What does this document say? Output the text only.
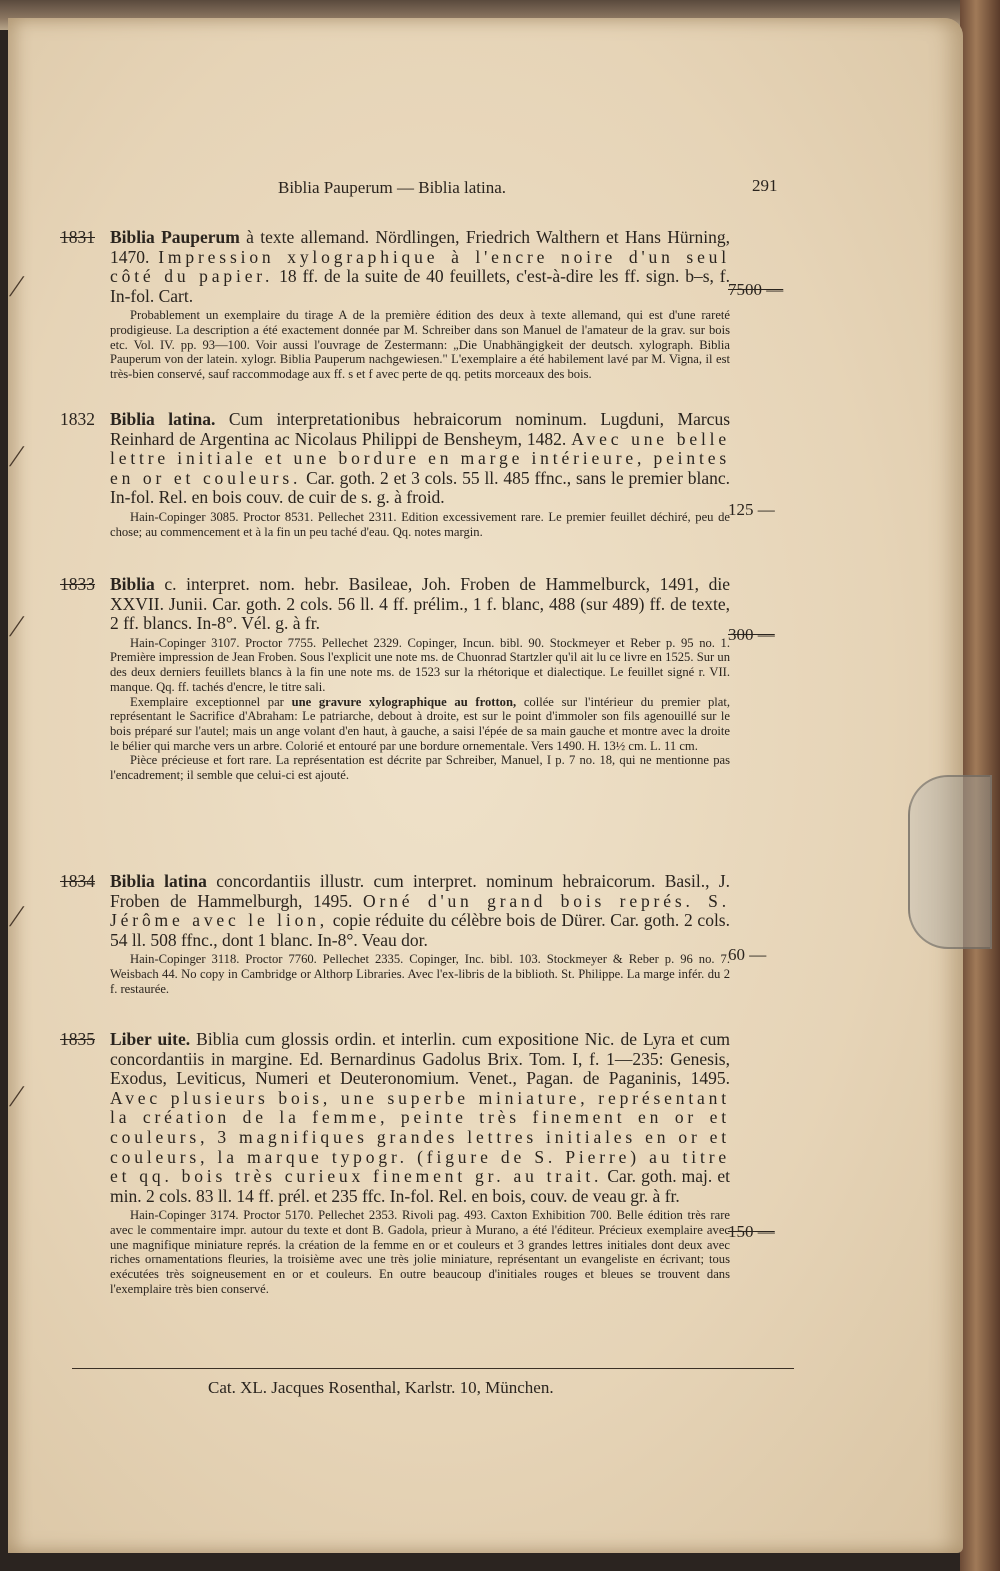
Biblia Pauperum — Biblia latina.	291
/
/
/
/
/
1831 Biblia Pauperum à texte allemand. Nördlingen, Friedrich Walthern et Hans Hürning, 1470. Impression xylographique à l'encre noire d'un seul côté du papier. 18 ff. de la suite de 40 feuillets, c'est-à-dire les ff. sign. b–s, f. In-fol. Cart.

Probablement un exemplaire du tirage A de la première édition des deux à texte allemand, qui est d'une rareté prodigieuse. La description a été exactement donnée par M. Schreiber dans son Manuel de l'amateur de la grav. sur bois etc. Vol. IV. pp. 93—100. Voir aussi l'ouvrage de Zestermann: „Die Unabhängigkeit der deutsch. xylograph. Biblia Pauperum von der latein. xylogr. Biblia Pauperum nachgewiesen." L'exemplaire a été habilement lavé par M. Vigna, il est très-bien conservé, sauf raccommodage aux ff. s et f avec perte de qq. petits morceaux des bois.

7500 —
1832 Biblia latina. Cum interpretationibus hebraicorum nominum. Lugduni, Marcus Reinhard de Argentina ac Nicolaus Philippi de Bensheym, 1482. Avec une belle lettre initiale et une bordure en marge intérieure, peintes en or et couleurs. Car. goth. 2 et 3 cols. 55 ll. 485 ffnc., sans le premier blanc. In-fol. Rel. en bois couv. de cuir de s. g. à froid.

Hain-Copinger 3085. Proctor 8531. Pellechet 2311. Edition excessivement rare. Le premier feuillet déchiré, peu de chose; au commencement et à la fin un peu taché d'eau. Qq. notes margin.

125 —
1833 Biblia c. interpret. nom. hebr. Basileae, Joh. Froben de Hammelburck, 1491, die XXVII. Junii. Car. goth. 2 cols. 56 ll. 4 ff. prélim., 1 f. blanc, 488 (sur 489) ff. de texte, 2 ff. blancs. In-8°. Vél. g. à fr.

Hain-Copinger 3107. Proctor 7755. Pellechet 2329. Copinger, Incun. bibl. 90. Stockmeyer et Reber p. 95 no. 1. Première impression de Jean Froben. Sous l'explicit une note ms. de Chuonrad Startzler qu'il ait lu ce livre en 1525. Sur un des deux derniers feuillets blancs à la fin une note ms. de 1523 sur la rhétorique et dialectique. Le feuillet signé r. VII. manque. Qq. ff. tachés d'encre, le titre sali.

Exemplaire exceptionnel par une gravure xylographique au frotton, collée sur l'intérieur du premier plat, représentant le Sacrifice d'Abraham: Le patriarche, debout à droite, est sur le point d'immoler son fils agenouillé sur le bois préparé sur l'autel; mais un ange volant d'en haut, à gauche, a saisi l'épée de sa main gauche et montre avec la droite le bélier qui marche vers un arbre. Colorié et entouré par une bordure ornementale. Vers 1490. H. 13½ cm. L. 11 cm.

Pièce précieuse et fort rare. La représentation est décrite par Schreiber, Manuel, I p. 7 no. 18, qui ne mentionne pas l'encadrement; il semble que celui-ci est ajouté.

300 —
1834 Biblia latina concordantiis illustr. cum interpret. nominum hebraicorum. Basil., J. Froben de Hammelburgh, 1495. Orné d'un grand bois représ. S. Jérôme avec le lion, copie réduite du célèbre bois de Dürer. Car. goth. 2 cols. 54 ll. 508 ffnc., dont 1 blanc. In-8°. Veau dor.

Hain-Copinger 3118. Proctor 7760. Pellechet 2335. Copinger, Inc. bibl. 103. Stockmeyer & Reber p. 96 no. 7. Weisbach 44. No copy in Cambridge or Althorp Libraries. Avec l'ex-libris de la biblioth. St. Philippe. La marge infér. du 2 f. restaurée.

60 —
1835 Liber uite. Biblia cum glossis ordin. et interlin. cum expositione Nic. de Lyra et cum concordantiis in margine. Ed. Bernardinus Gadolus Brix. Tom. I, f. 1—235: Genesis, Exodus, Leviticus, Numeri et Deuteronomium. Venet., Pagan. de Paganinis, 1495. Avec plusieurs bois, une superbe miniature, représentant la création de la femme, peinte très finement en or et couleurs, 3 magnifiques grandes lettres initiales en or et couleurs, la marque typogr. (figure de S. Pierre) au titre et qq. bois très curieux finement gr. au trait. Car. goth. maj. et min. 2 cols. 83 ll. 14 ff. prél. et 235 ffc. In-fol. Rel. en bois, couv. de veau gr. à fr.

Hain-Copinger 3174. Proctor 5170. Pellechet 2353. Rivoli pag. 493. Caxton Exhibition 700. Belle édition très rare avec le commentaire impr. autour du texte et dont B. Gadola, prieur à Murano, a été l'éditeur. Précieux exemplaire avec une magnifique miniature représ. la création de la femme en or et couleurs et 3 grandes lettres initiales dont deux avec riches ornamentations fleuries, la troisième avec une très jolie miniature, représentant un evangeliste en écrivant; tous exécutées très soigneusement en or et couleurs. En outre beaucoup d'initiales rouges et bleues se trouvent dans l'exemplaire très bien conservé.

150 —
Cat. XL. Jacques Rosenthal, Karlstr. 10, München.
